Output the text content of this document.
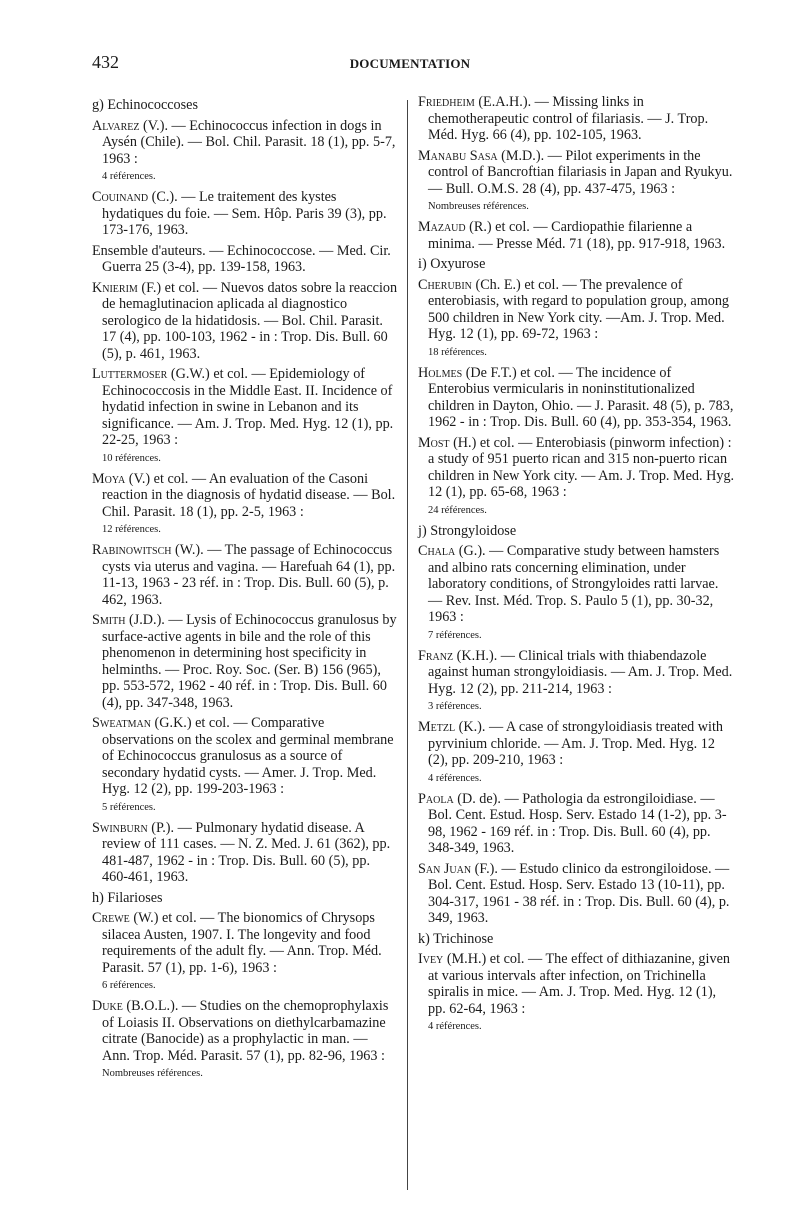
432	DOCUMENTATION
g) Echinococcoses
Alvarez (V.). — Echinococcus infection in dogs in Aysén (Chile). — Bol. Chil. Parasit. 18 (1), pp. 5-7, 1963 :
4 références.
Couinand (C.). — Le traitement des kystes hydatiques du foie. — Sem. Hôp. Paris 39 (3), pp. 173-176, 1963.
Ensemble d'auteurs. — Echinococcose. — Med. Cir. Guerra 25 (3-4), pp. 139-158, 1963.
Knierim (F.) et col. — Nuevos datos sobre la reaccion de hemaglutinacion aplicada al diagnostico serologico de la hidatidosis. — Bol. Chil. Parasit. 17 (4), pp. 100-103, 1962 - in : Trop. Dis. Bull. 60 (5), p. 461, 1963.
Luttermoser (G.W.) et col. — Epidemiology of Echinococcosis in the Middle East. II. Incidence of hydatid infection in swine in Lebanon and its significance. — Am. J. Trop. Med. Hyg. 12 (1), pp. 22-25, 1963 :
10 références.
Moya (V.) et col. — An evaluation of the Casoni reaction in the diagnosis of hydatid disease. — Bol. Chil. Parasit. 18 (1), pp. 2-5, 1963 :
12 références.
Rabinowitsch (W.). — The passage of Echinococcus cysts via uterus and vagina. — Harefuah 64 (1), pp. 11-13, 1963 - 23 réf. in : Trop. Dis. Bull. 60 (5), p. 462, 1963.
Smith (J.D.). — Lysis of Echinococcus granulosus by surface-active agents in bile and the role of this phenomenon in determining host specificity in helminths. — Proc. Roy. Soc. (Ser. B) 156 (965), pp. 553-572, 1962 - 40 réf. in : Trop. Dis. Bull. 60 (4), pp. 347-348, 1963.
Sweatman (G.K.) et col. — Comparative observations on the scolex and germinal membrane of Echinococcus granulosus as a source of secondary hydatid cysts. — Amer. J. Trop. Med. Hyg. 12 (2), pp. 199-203-1963 :
5 références.
Swinburn (P.). — Pulmonary hydatid disease. A review of 111 cases. — N. Z. Med. J. 61 (362), pp. 481-487, 1962 - in : Trop. Dis. Bull. 60 (5), pp. 460-461, 1963.
h) Filarioses
Crewe (W.) et col. — The bionomics of Chrysops silacea Austen, 1907. I. The longevity and food requirements of the adult fly. — Ann. Trop. Méd. Parasit. 57 (1), pp. 1-6), 1963 :
6 références.
Duke (B.O.L.). — Studies on the chemoprophylaxis of Loiasis II. Observations on diethylcarbamazine citrate (Banocide) as a prophylactic in man. — Ann. Trop. Méd. Parasit. 57 (1), pp. 82-96, 1963 :
Nombreuses références.
Friedheim (E.A.H.). — Missing links in chemotherapeutic control of filariasis. — J. Trop. Méd. Hyg. 66 (4), pp. 102-105, 1963.
Manabu Sasa (M.D.). — Pilot experiments in the control of Bancroftian filariasis in Japan and Ryukyu. — Bull. O.M.S. 28 (4), pp. 437-475, 1963 :
Nombreuses références.
Mazaud (R.) et col. — Cardiopathie filarienne a minima. — Presse Méd. 71 (18), pp. 917-918, 1963.
i) Oxyurose
Cherubin (Ch. E.) et col. — The prevalence of enterobiasis, with regard to population group, among 500 children in New York city. —Am. J. Trop. Med. Hyg. 12 (1), pp. 69-72, 1963 :
18 références.
Holmes (De F.T.) et col. — The incidence of Enterobius vermicularis in noninstitutionalized children in Dayton, Ohio. — J. Parasit. 48 (5), p. 783, 1962 - in : Trop. Dis. Bull. 60 (4), pp. 353-354, 1963.
Most (H.) et col. — Enterobiasis (pinworm infection) : a study of 951 puerto rican and 315 non-puerto rican children in New York city. — Am. J. Trop. Med. Hyg. 12 (1), pp. 65-68, 1963 :
24 références.
j) Strongyloidose
Chala (G.). — Comparative study between hamsters and albino rats concerning elimination, under laboratory conditions, of Strongyloides ratti larvae. — Rev. Inst. Méd. Trop. S. Paulo 5 (1), pp. 30-32, 1963 :
7 références.
Franz (K.H.). — Clinical trials with thiabendazole against human strongyloidiasis. — Am. J. Trop. Med. Hyg. 12 (2), pp. 211-214, 1963 :
3 références.
Metzl (K.). — A case of strongyloidiasis treated with pyrvinium chloride. — Am. J. Trop. Med. Hyg. 12 (2), pp. 209-210, 1963 :
4 références.
Paola (D. de). — Pathologia da estrongiloidiase. — Bol. Cent. Estud. Hosp. Serv. Estado 14 (1-2), pp. 3-98, 1962 - 169 réf. in : Trop. Dis. Bull. 60 (4), pp. 348-349, 1963.
San Juan (F.). — Estudo clinico da estrongiloidose. — Bol. Cent. Estud. Hosp. Serv. Estado 13 (10-11), pp. 304-317, 1961 - 38 réf. in : Trop. Dis. Bull. 60 (4), p. 349, 1963.
k) Trichinose
Ivey (M.H.) et col. — The effect of dithiazanine, given at various intervals after infection, on Trichinella spiralis in mice. — Am. J. Trop. Med. Hyg. 12 (1), pp. 62-64, 1963 :
4 références.
